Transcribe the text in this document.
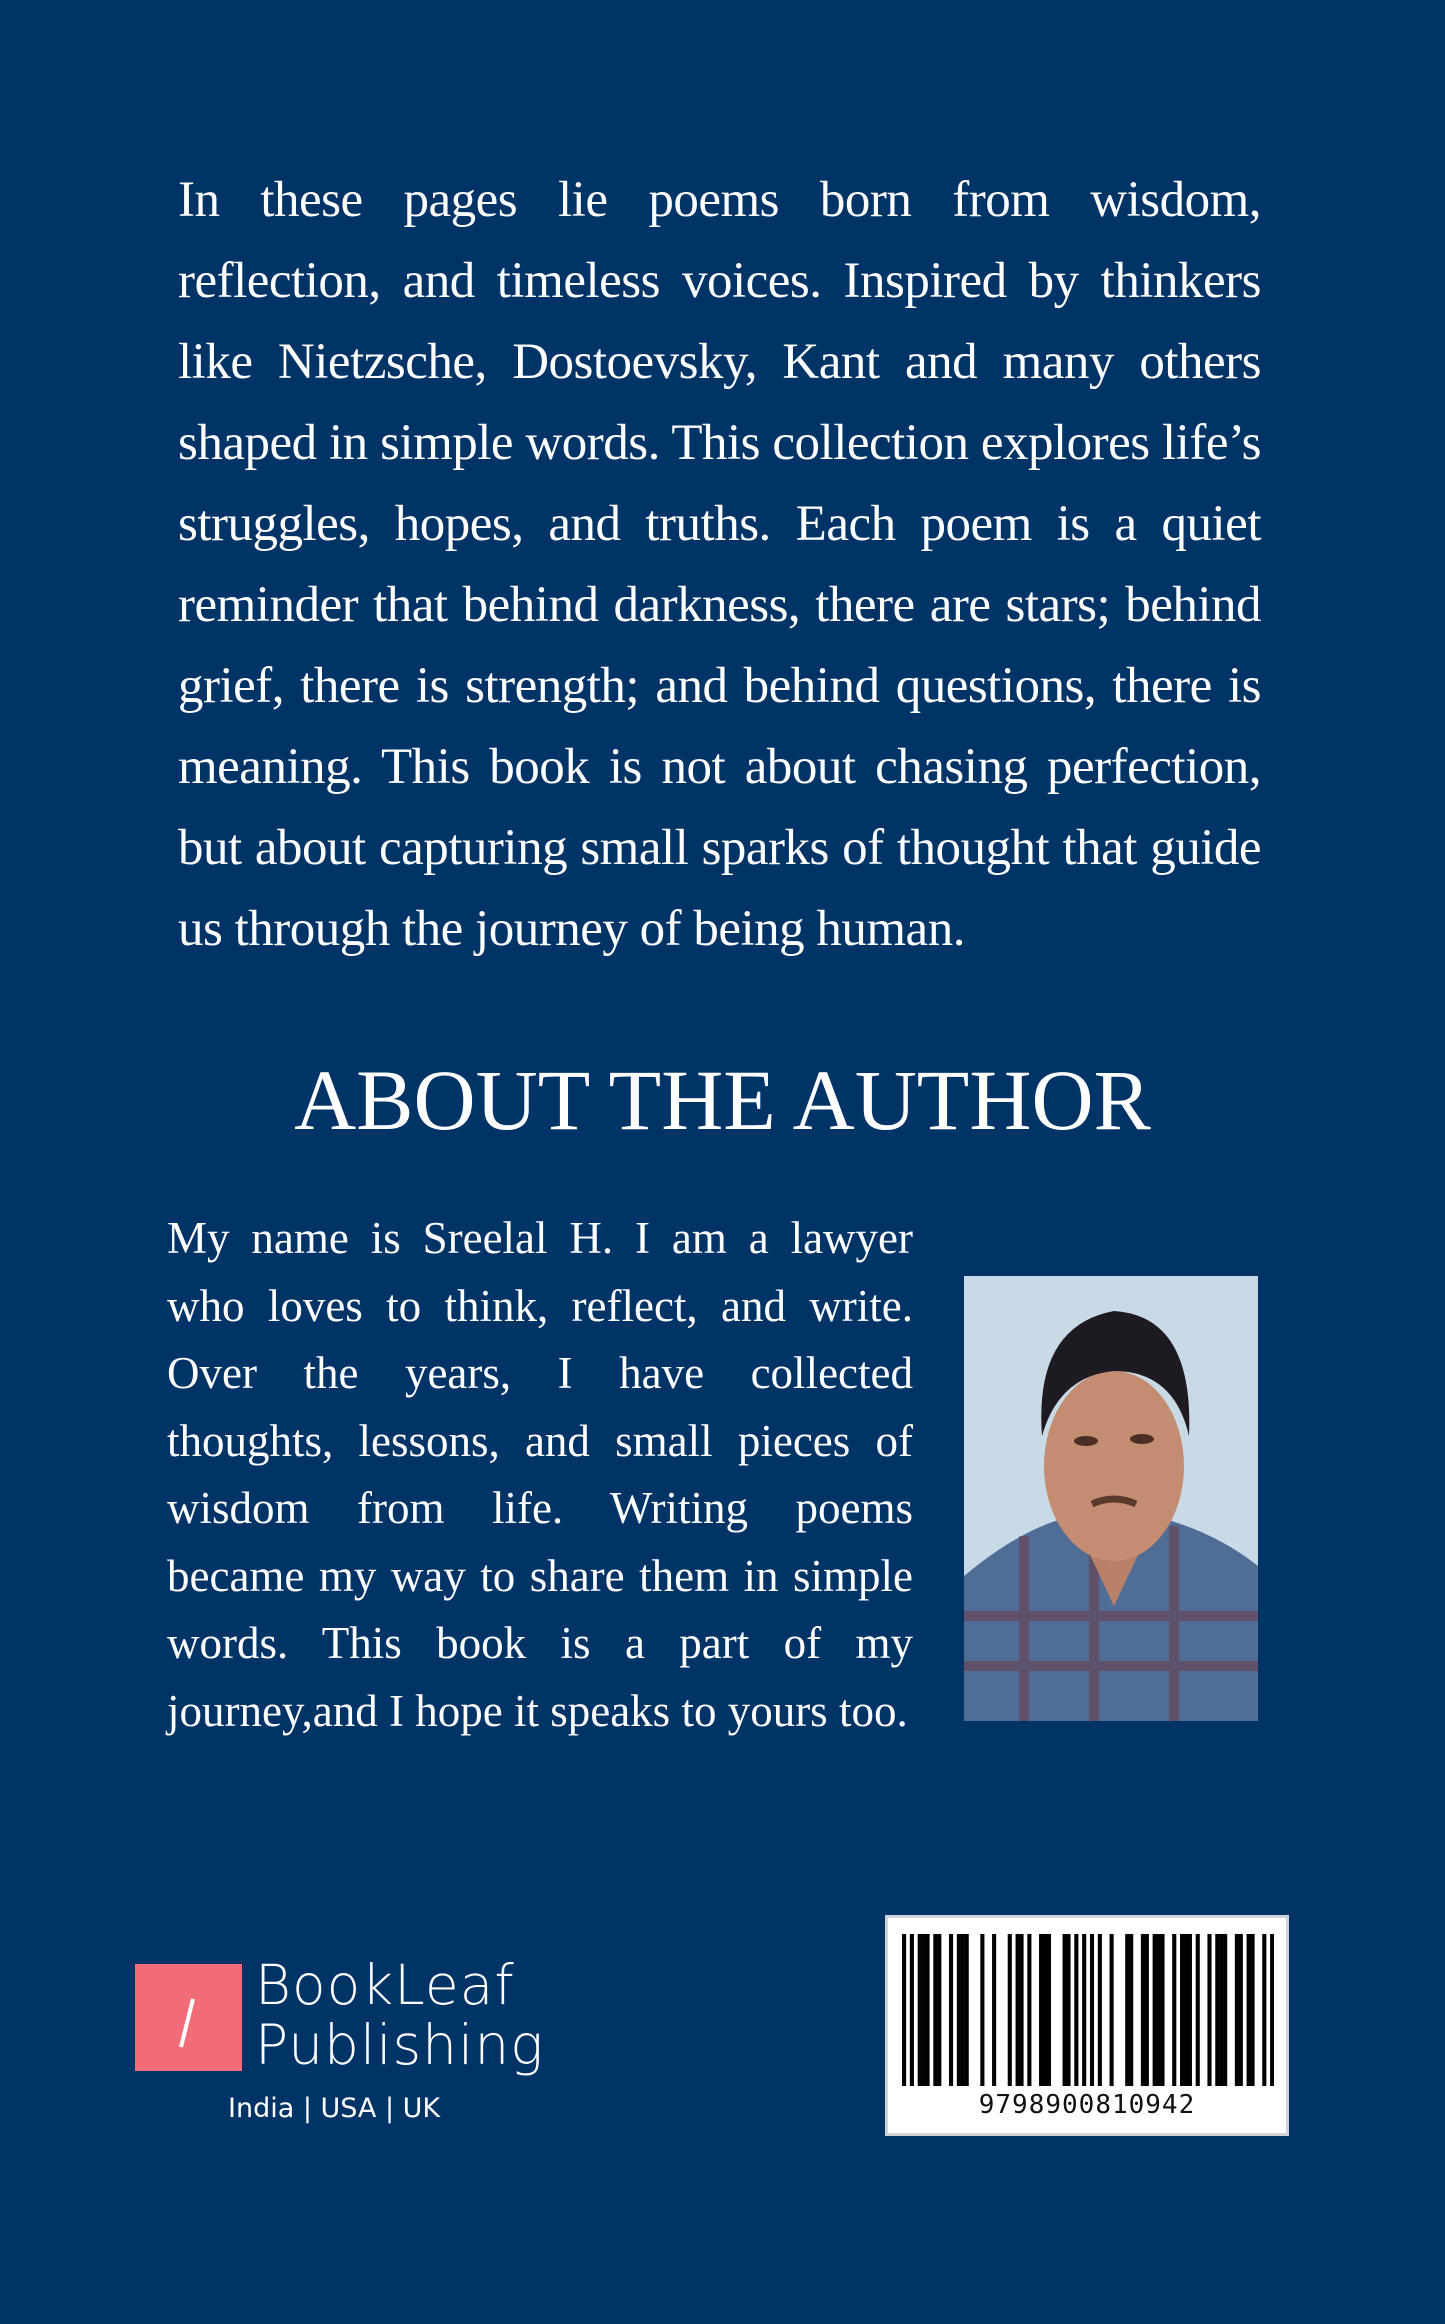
In these pages lie poems born from wisdom, reflection, and timeless voices. Inspired by thinkers like Nietzsche, Dostoevsky, Kant and many others shaped in simple words. This collection explores life’s struggles, hopes, and truths. Each poem is a quiet reminder that behind darkness, there are stars; behind grief, there is strength; and behind questions, there is meaning. This book is not about chasing perfection, but about capturing small sparks of thought that guide us through the journey of being human.
ABOUT THE AUTHOR
My name is Sreelal H. I am a lawyer who loves to think, reflect, and write. Over the years, I have collected thoughts, lessons, and small pieces of wisdom from life. Writing poems became my way to share them in simple words. This book is a part of my journey,and I hope it speaks to yours too.
BookLeaf
Publishing
India | USA | UK	9798900810942
